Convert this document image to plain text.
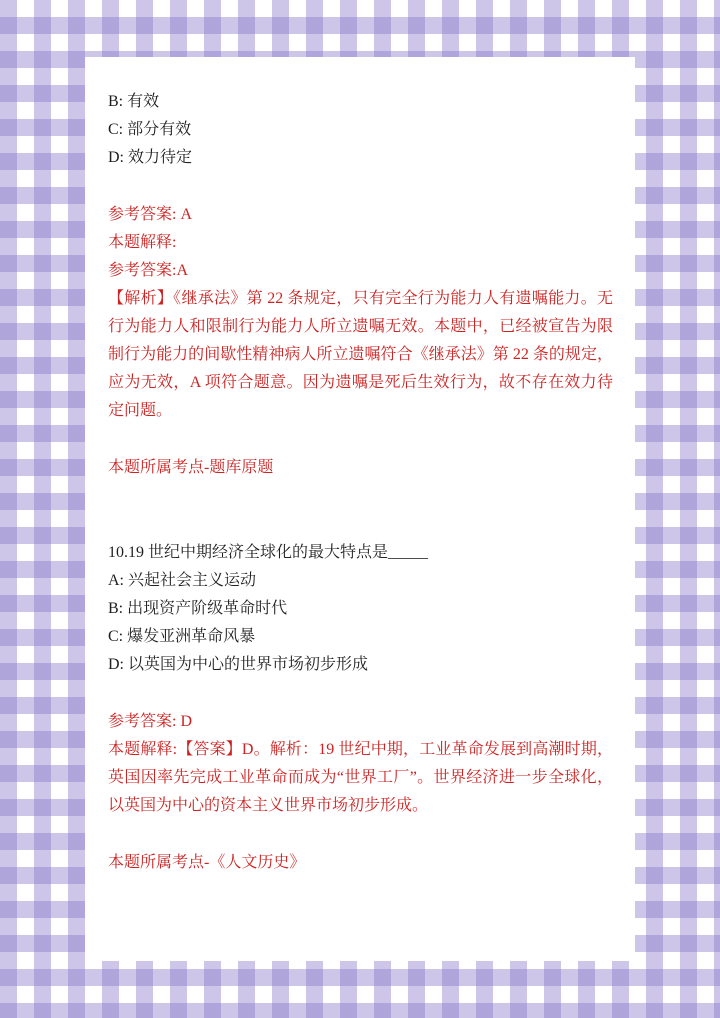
B: 有效
C: 部分有效
D: 效力待定
参考答案: A
本题解释:
参考答案:A

【解析】《继承法》第 22 条规定，只有完全行为能力人有遗嘱能力。无行为能力人和限制行为能力人所立遗嘱无效。本题中，已经被宣告为限制行为能力的间歇性精神病人所立遗嘱符合《继承法》第 22 条的规定，应为无效，A 项符合题意。因为遗嘱是死后生效行为，故不存在效力待定问题。

本题所属考点-题库原题
10.19 世纪中期经济全球化的最大特点是_____
A: 兴起社会主义运动
B: 出现资产阶级革命时代
C: 爆发亚洲革命风暴
D: 以英国为中心的世界市场初步形成
参考答案: D

本题解释:【答案】D。解析：19 世纪中期，工业革命发展到高潮时期，英国因率先完成工业革命而成为“世界工厂”。世界经济进一步全球化，以英国为中心的资本主义世界市场初步形成。

本题所属考点-《人文历史》
